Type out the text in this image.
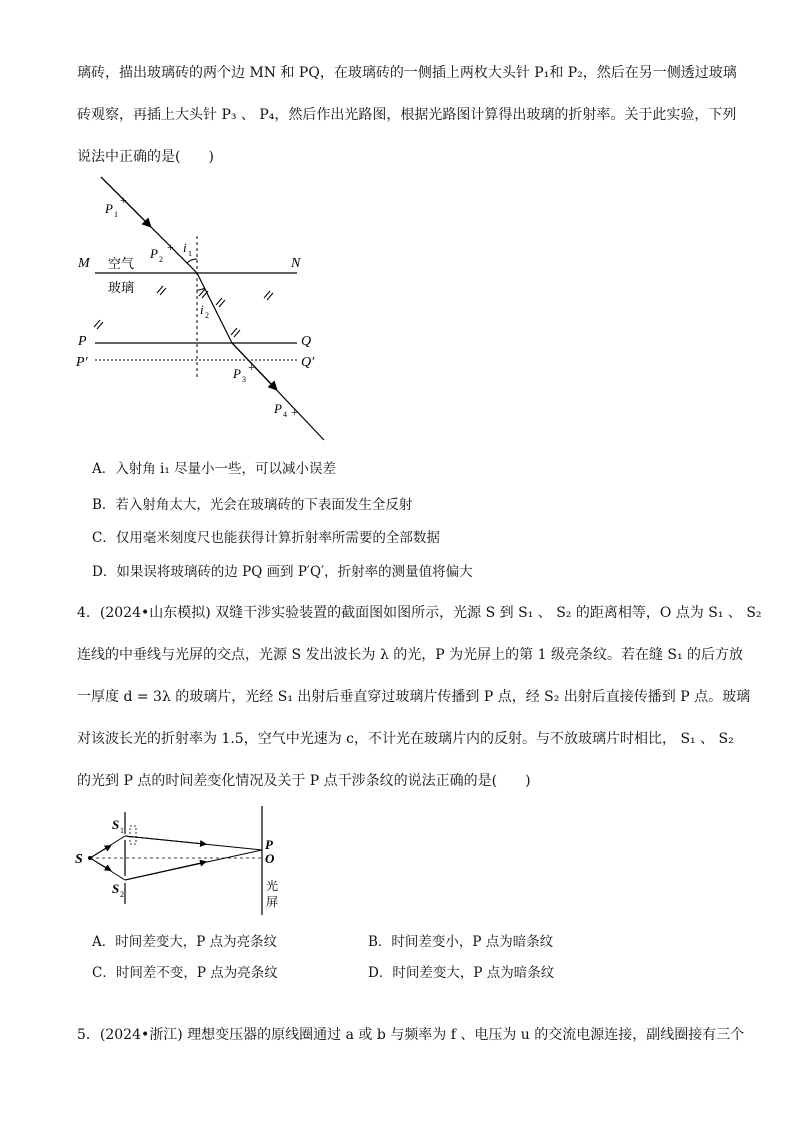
璃砖，描出玻璃砖的两个边 MN 和 PQ，在玻璃砖的一侧插上两枚大头针 P₁和 P₂，然后在另一侧透过玻璃
砖观察，再插上大头针 P₃ 、 P₄，然后作出光路图，根据光路图计算得出玻璃的折射率。关于此实验，下列
说法中正确的是(　　)
+
+
+
+
M	N
P	Q
P′	Q′
空气
玻璃
P 1
P 2
P 3
P 4
i 1
i 2
A．入射角 i₁ 尽量小一些，可以减小误差
B．若入射角太大，光会在玻璃砖的下表面发生全反射
C．仅用毫米刻度尺也能获得计算折射率所需要的全部数据
D．如果误将玻璃砖的边 PQ 画到 P′Q′，折射率的测量值将偏大
4．(2024•山东模拟) 双缝干涉实验装置的截面图如图所示，光源 S 到 S₁ 、 S₂ 的距离相等，O 点为 S₁ 、 S₂
连线的中垂线与光屏的交点，光源 S 发出波长为 λ 的光，P 为光屏上的第 1 级亮条纹。若在缝 S₁ 的后方放
一厚度 d = 3λ 的玻璃片，光经 S₁ 出射后垂直穿过玻璃片传播到 P 点，经 S₂ 出射后直接传播到 P 点。玻璃
对该波长光的折射率为 1.5，空气中光速为 c，不计光在玻璃片内的反射。与不放玻璃片时相比， S₁ 、 S₂
的光到 P 点的时间差变化情况及关于 P 点干涉条纹的说法正确的是(　　)
S
S 1
S 2
P
O
光
屏
A．时间差变大，P 点为亮条纹	B．时间差变小，P 点为暗条纹
C．时间差不变，P 点为亮条纹	D．时间差变大，P 点为暗条纹
5．(2024•浙江) 理想变压器的原线圈通过 a 或 b 与频率为 f 、电压为 u 的交流电源连接，副线圈接有三个
